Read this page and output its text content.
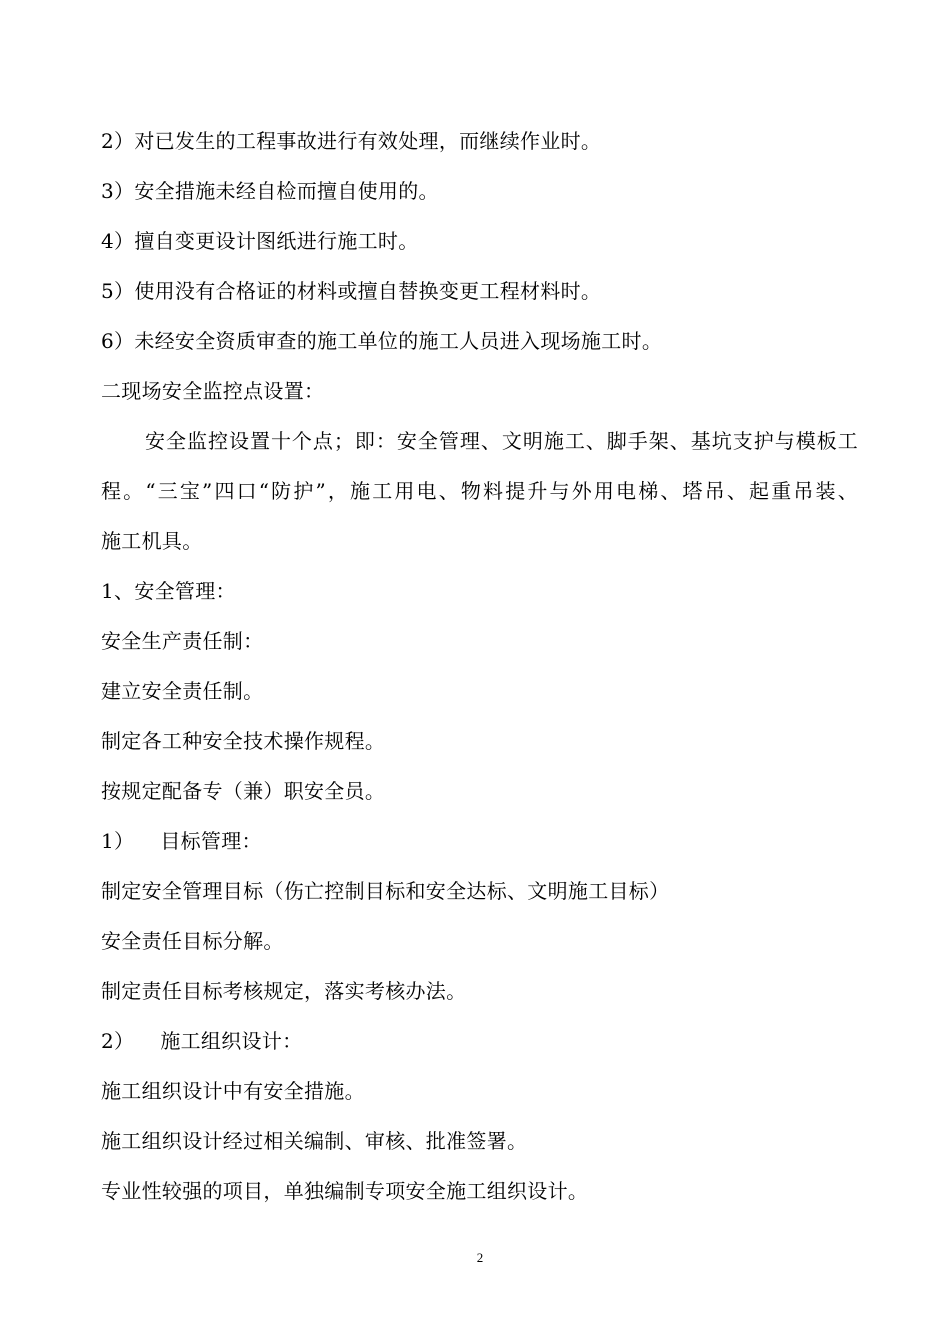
2）对已发生的工程事故进行有效处理，而继续作业时。
3）安全措施未经自检而擅自使用的。
4）擅自变更设计图纸进行施工时。
5）使用没有合格证的材料或擅自替换变更工程材料时。
6）未经安全资质审查的施工单位的施工人员进入现场施工时。
二现场安全监控点设置：
安全监控设置十个点；即：安全管理、文明施工、脚手架、基坑支护与模板工
程。“三宝”四口“防护”，施工用电、物料提升与外用电梯、塔吊、起重吊装、
施工机具。
1、安全管理：
安全生产责任制：
建立安全责任制。
制定各工种安全技术操作规程。
按规定配备专（兼）职安全员。
1） 目标管理：
制定安全管理目标（伤亡控制目标和安全达标、文明施工目标）
安全责任目标分解。
制定责任目标考核规定，落实考核办法。
2） 施工组织设计：
施工组织设计中有安全措施。
施工组织设计经过相关编制、审核、批准签署。
专业性较强的项目，单独编制专项安全施工组织设计。
2
